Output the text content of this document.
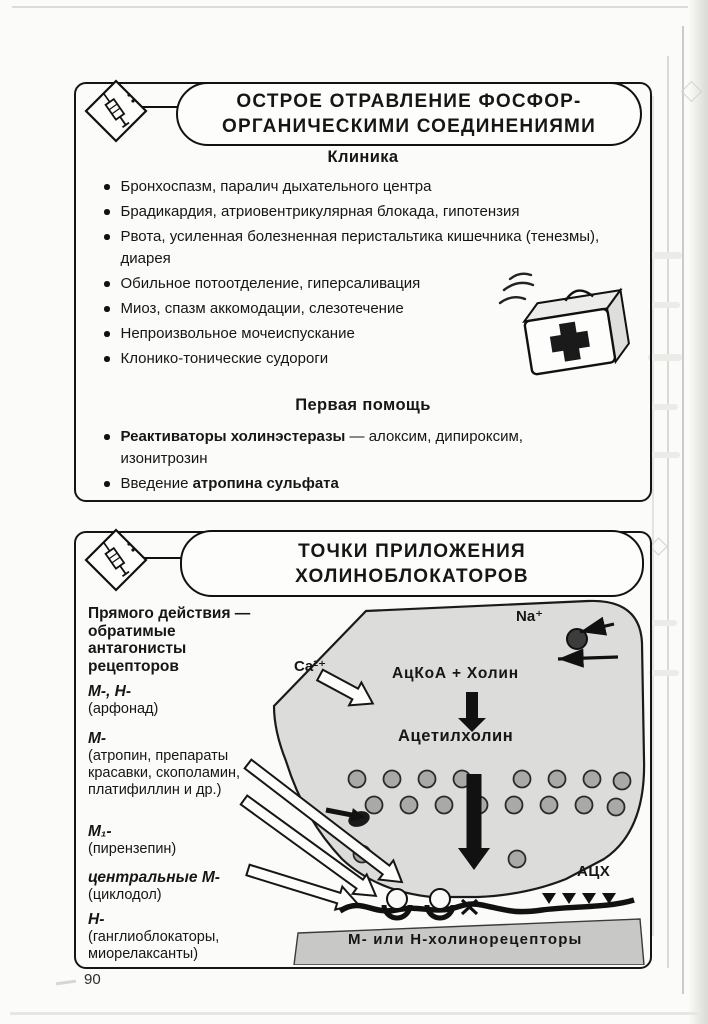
ОСТРОЕ ОТРАВЛЕНИЕ ФОСФОР-
ОРГАНИЧЕСКИМИ СОЕДИНЕНИЯМИ
Клиника
Бронхоспазм, паралич дыхательного центра
Брадикардия, атриовентрикулярная блокада, гипотензия
Рвота, усиленная болезненная перистальтика кишечника (тенезмы), диарея
Обильное потоотделение, гиперсаливация
Миоз, спазм аккомодации, слезотечение
Непроизвольное мочеиспускание
Клонико-тонические судороги
Первая помощь
Реактиваторы холинэстеразы — алоксим, дипироксим, изонитрозин
Введение атропина сульфата
Na⁺
Ca²⁺	АцКоА + Холин
Ацетилхолин
АЦХ
М- или Н-холинорецепторы
ТОЧКИ ПРИЛОЖЕНИЯ
ХОЛИНОБЛОКАТОРОВ

Прямого действия — обратимые антагонисты рецепторов

М-, Н-
(арфонад)
М-
(атропин, препараты красавки, скополамин, платифиллин и др.)
М₁-
(пирензепин)
центральные М-
(циклодол)
Н-
(ганглиоблокаторы, миорелаксанты)
90
